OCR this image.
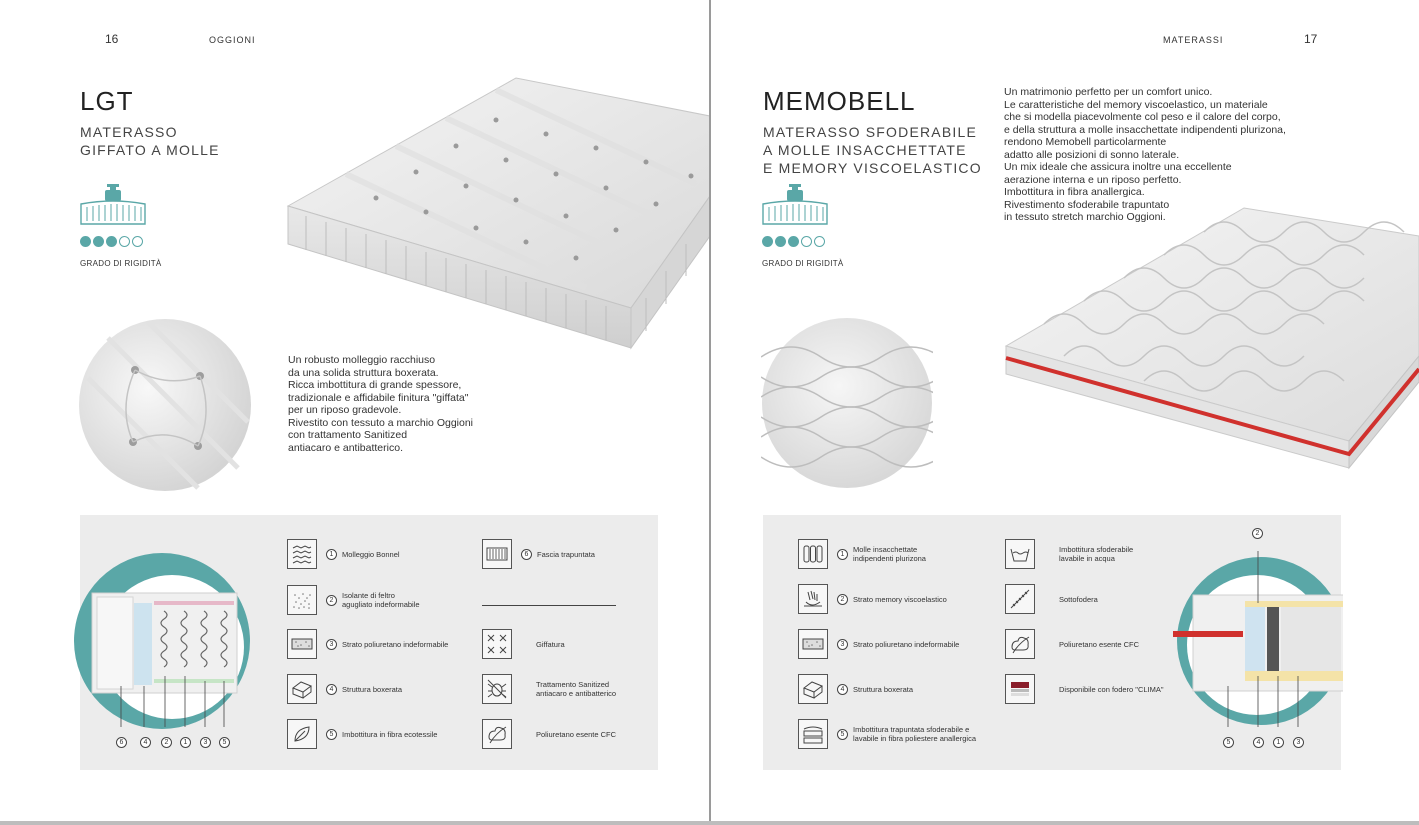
16	OGGIONI
LGT
MATERASSO
GIFFATO A MOLLE
GRADO DI RIGIDITÀ
Un robusto molleggio racchiuso
da una solida struttura boxerata.
Ricca imbottitura di grande spessore,
tradizionale e affidabile finitura "giffata"
per un riposo gradevole.
Rivestito con tessuto a marchio Oggioni
con trattamento Sanitized
antiacaro e antibatterico.
6	4	2	1	3	5
1	Molleggio Bonnel
2	Isolante di feltro
agugliato indeformabile
3	Strato poliuretano indeformabile
4	Struttura boxerata
5	Imbottitura in fibra ecotessile
6	Fascia trapuntata
Giffatura
Trattamento Sanitized
antiacaro e antibatterico
Poliuretano esente CFC
MATERASSI	17
MEMOBELL
MATERASSO SFODERABILE
A MOLLE INSACCHETTATE
E MEMORY VISCOELASTICO
GRADO DI RIGIDITÀ
Un matrimonio perfetto per un comfort unico.
Le caratteristiche del memory viscoelastico, un materiale
che si modella piacevolmente col peso e il calore del corpo,
e della struttura a molle insacchettate indipendenti plurizona,
rendono Memobell particolarmente
adatto alle posizioni di sonno laterale.
Un mix ideale che assicura inoltre una eccellente
aerazione interna e un riposo perfetto.
Imbottitura in fibra anallergica.
Rivestimento sfoderabile trapuntato
in tessuto stretch marchio Oggioni.
1	Molle insacchettate
indipendenti plurizona
2	Strato memory viscoelastico
3	Strato poliuretano indeformabile
4	Struttura boxerata
5	Imbottitura trapuntata sfoderabile e
lavabile in fibra poliestere anallergica
Imbottitura sfoderabile
lavabile in acqua
Sottofodera
Poliuretano esente CFC
Disponibile con fodero "CLIMA"
2
5	4	1	3
